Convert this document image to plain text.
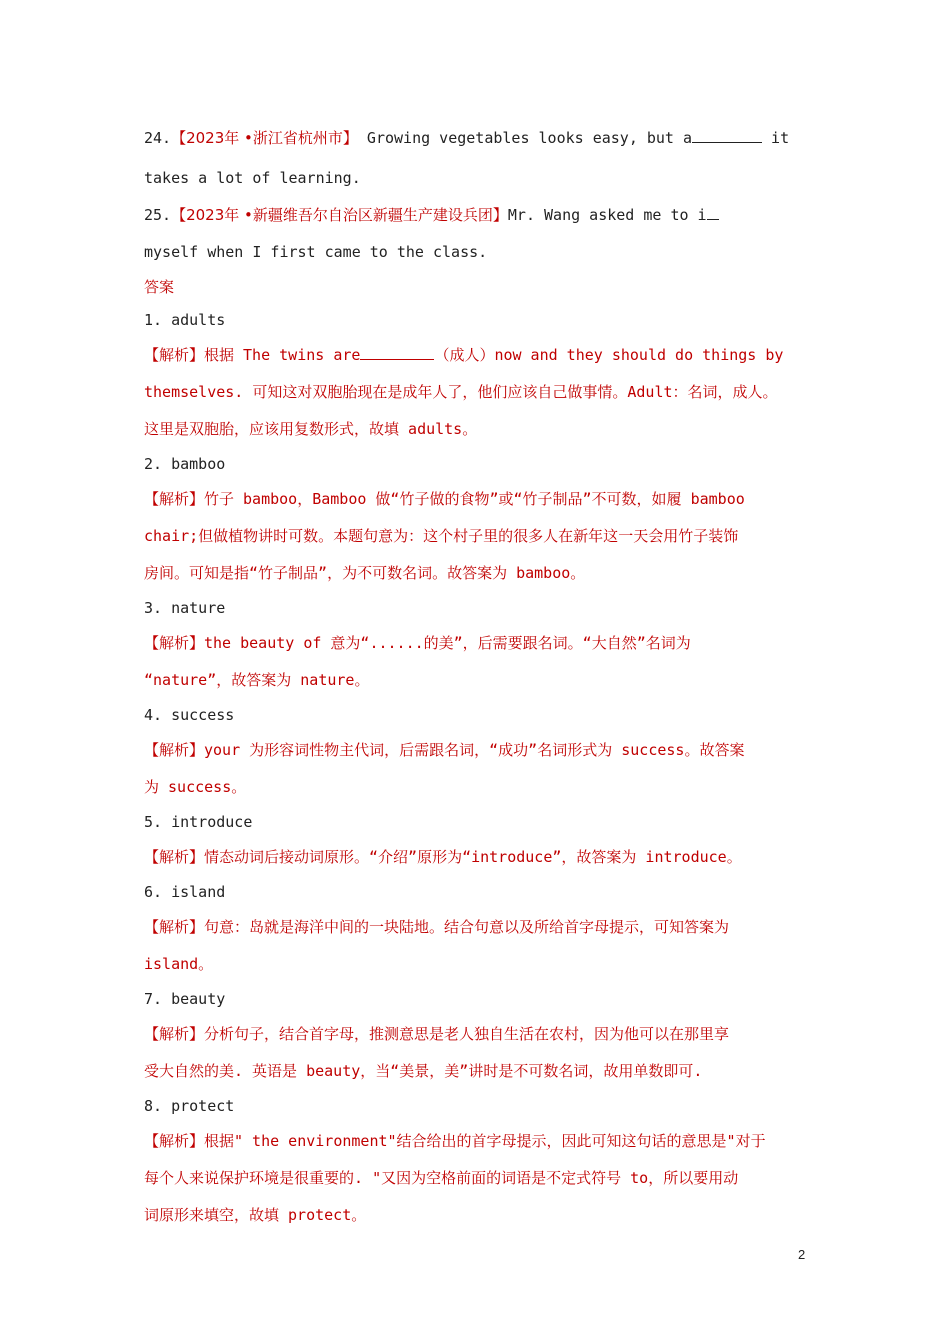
24.【2023年 •浙江省杭州市】 Growing vegetables looks easy, but a	it
takes a lot of learning.
25.【2023年 •新疆维吾尔自治区新疆生产建设兵团】Mr. Wang asked me to i
myself when I first came to the class.
答案
1. adults
【解析】根据 The twins are	（成人）now and they should do things by
themselves. 可知这对双胞胎现在是成年人了，他们应该自己做事情。Adult：名词，成人。
这里是双胞胎，应该用复数形式，故填 adults。
2. bamboo
【解析】竹子 bamboo，Bamboo 做“竹子做的食物”或“竹子制品”不可数，如履 bamboo
chair;但做植物讲时可数。本题句意为：这个村子里的很多人在新年这一天会用竹子装饰
房间。可知是指“竹子制品”，为不可数名词。故答案为 bamboo。
3. nature
【解析】the beauty of 意为“......的美”，后需要跟名词。“大自然”名词为
“nature”，故答案为 nature。
4. success
【解析】your 为形容词性物主代词，后需跟名词，“成功”名词形式为 success。故答案
为 success。
5. introduce
【解析】情态动词后接动词原形。“介绍”原形为“introduce”，故答案为 introduce。
6. island
【解析】句意：岛就是海洋中间的一块陆地。结合句意以及所给首字母提示，可知答案为
island。
7. beauty
【解析】分析句子，结合首字母，推测意思是老人独自生活在农村，因为他可以在那里享
受大自然的美. 英语是 beauty，当“美景，美”讲时是不可数名词，故用单数即可.
8. protect
【解析】根据" the environment"结合给出的首字母提示，因此可知这句话的意思是"对于
每个人来说保护环境是很重要的. "又因为空格前面的词语是不定式符号 to，所以要用动
词原形来填空，故填 protect。
2
